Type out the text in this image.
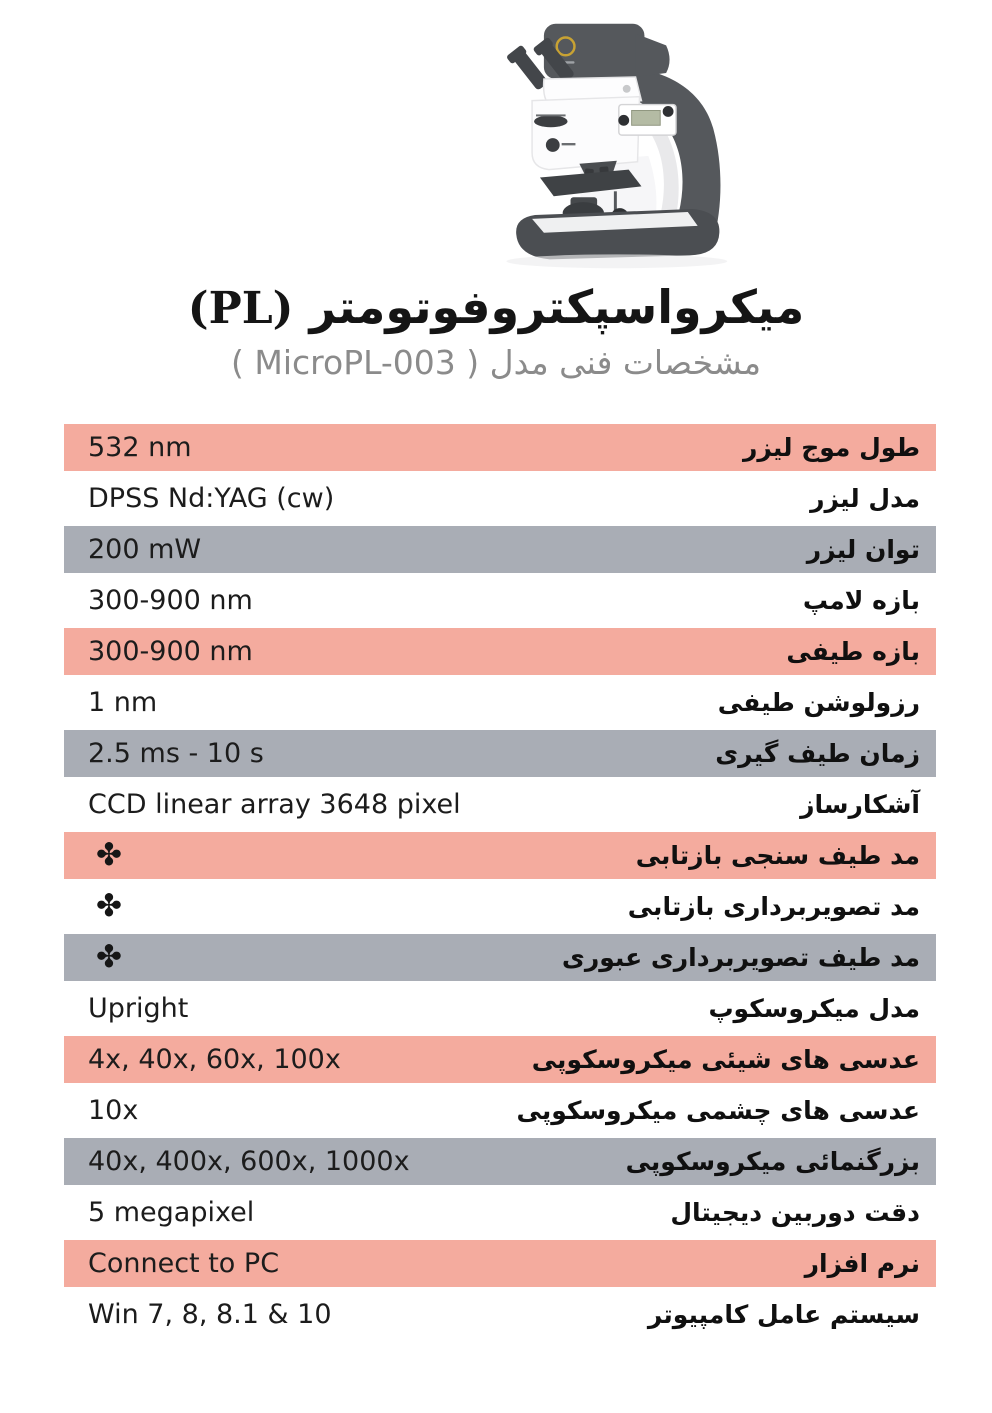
میکرواسپکتروفوتومتر (PL)
مشخصات فنی مدل ( MicroPL-003 )
532 nm	طول موج لیزر
DPSS Nd:YAG (cw)	مدل لیزر
200 mW	توان لیزر
300-900 nm	بازه لامپ
300-900 nm	بازه طیفی
1 nm	رزولوشن طیفی
2.5 ms - 10 s	زمان طیف گیری
CCD linear array 3648 pixel	آشکارساز
✤	مد طیف سنجی بازتابی
✤	مد تصویربرداری بازتابی
✤	مد طیف تصویربرداری عبوری
Upright	مدل میکروسکوپ
4x, 40x, 60x, 100x	عدسی های شیئی میکروسکوپی
10x	عدسی های چشمی میکروسکوپی
40x, 400x, 600x, 1000x	بزرگنمائی میکروسکوپی
5 megapixel	دقت دوربین دیجیتال
Connect to PC	نرم افزار
Win 7, 8, 8.1 & 10	سیستم عامل کامپیوتر
